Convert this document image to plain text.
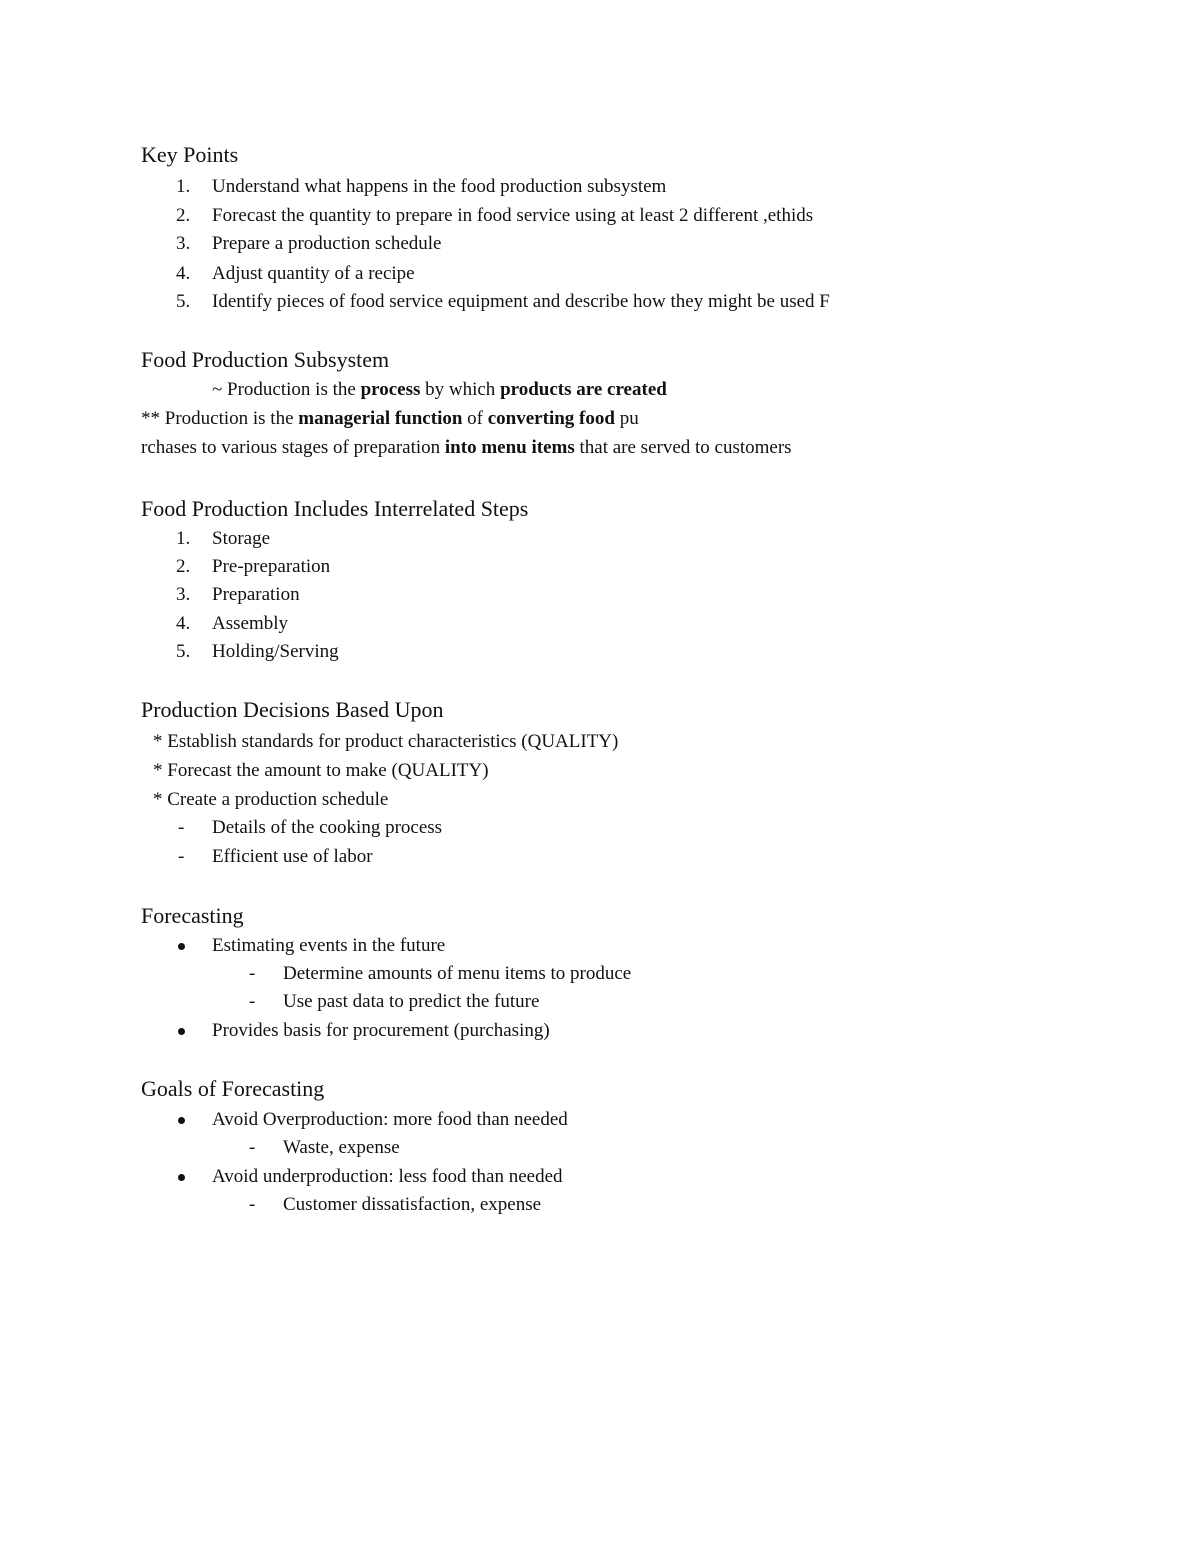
Key Points
1. Understand what happens in the food production subsystem
2. Forecast the quantity to prepare in food service using at least 2 different ,ethids
3. Prepare a production schedule
4. Adjust quantity of a recipe
5. Identify pieces of food service equipment and describe how they might be used F
Food Production Subsystem
~ Production is the process by which products are created
** Production is the managerial function of converting food pu
rchases to various stages of preparation into menu items that are served to customers
Food Production Includes Interrelated Steps
1. Storage
2. Pre-preparation
3. Preparation
4. Assembly
5. Holding/Serving
Production Decisions Based Upon
* Establish standards for product characteristics (QUALITY)
* Forecast the amount to make (QUALITY)
* Create a production schedule
- Details of the cooking process
- Efficient use of labor
Forecasting
Estimating events in the future
- Determine amounts of menu items to produce
- Use past data to predict the future
Provides basis for procurement (purchasing)
Goals of Forecasting
Avoid Overproduction: more food than needed
- Waste, expense
Avoid underproduction: less food than needed
- Customer dissatisfaction, expense
